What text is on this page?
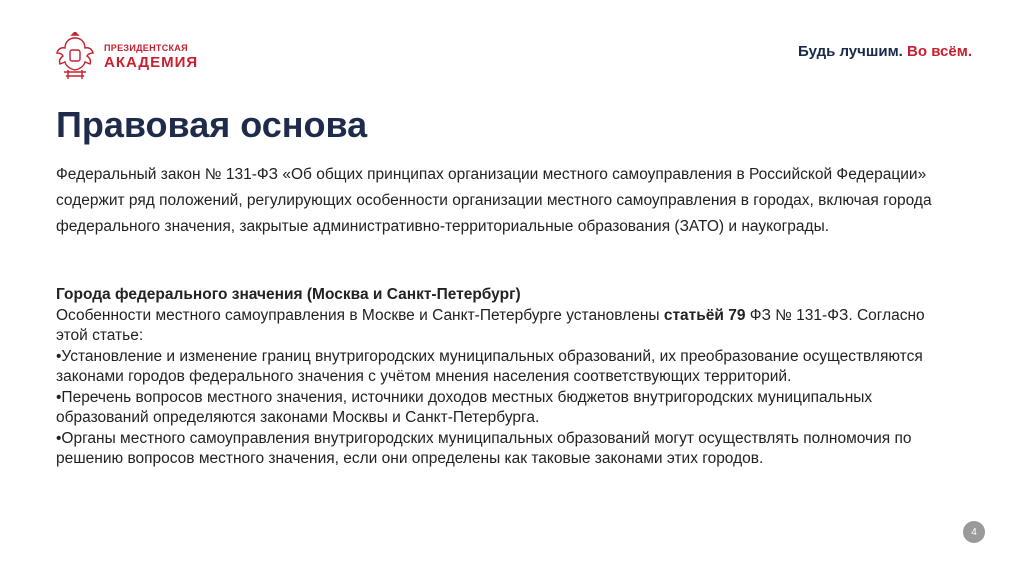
ПРЕЗИДЕНТСКАЯ
АКАДЕМИЯ
Будь лучшим. Во всём.
Правовая основа

Федеральный закон № 131-ФЗ «Об общих принципах организации местного самоуправления в Российской Федерации» содержит ряд положений, регулирующих особенности организации местного самоуправления в городах, включая города федерального значения, закрытые административно-территориальные образования (ЗАТО) и наукограды.

Города федерального значения (Москва и Санкт-Петербург)

Особенности местного самоуправления в Москве и Санкт-Петербурге установлены статьёй 79 ФЗ № 131-ФЗ. Согласно этой статье:

•Установление и изменение границ внутригородских муниципальных образований, их преобразование осуществляются законами городов федерального значения с учётом мнения населения соответствующих территорий.

•Перечень вопросов местного значения, источники доходов местных бюджетов внутригородских муниципальных образований определяются законами Москвы и Санкт-Петербурга.

•Органы местного самоуправления внутригородских муниципальных образований могут осуществлять полномочия по решению вопросов местного значения, если они определены как таковые законами этих городов.

4
